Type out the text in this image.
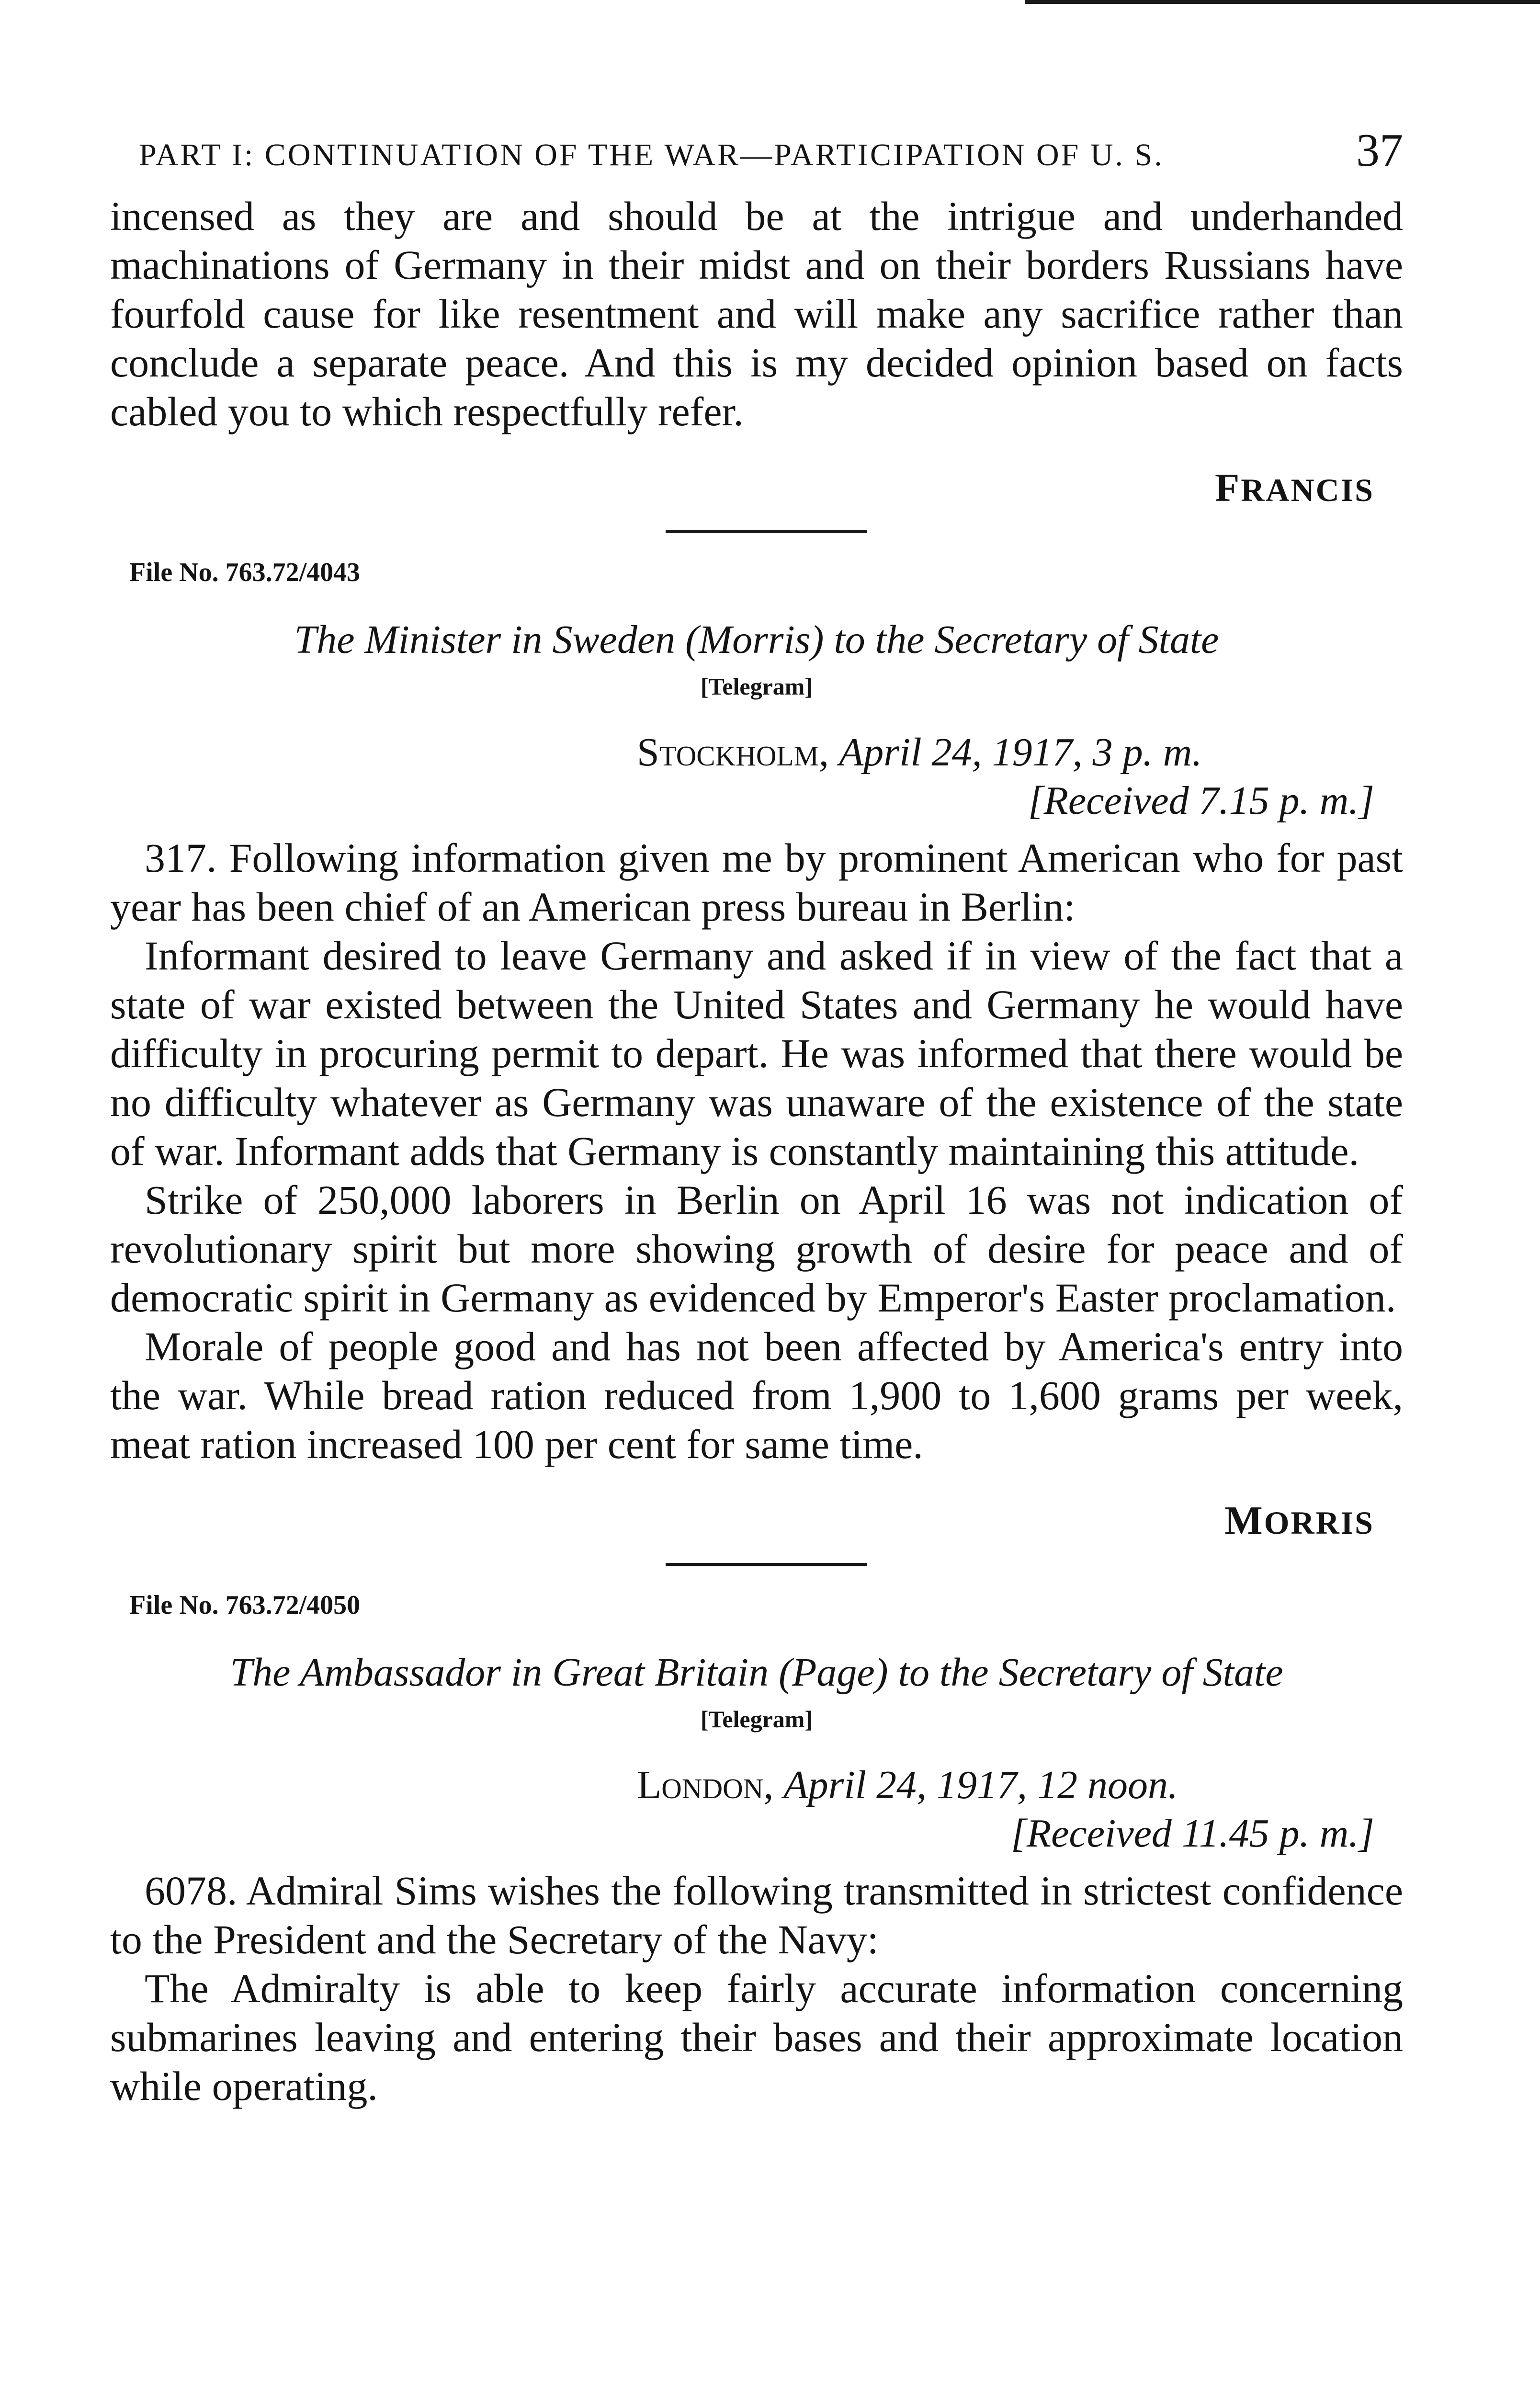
PART I: CONTINUATION OF THE WAR—PARTICIPATION OF U. S.	37

incensed as they are and should be at the intrigue and underhanded machinations of Germany in their midst and on their borders Russians have fourfold cause for like resentment and will make any sacrifice rather than conclude a separate peace. And this is my decided opinion based on facts cabled you to which respectfully refer.

FRANCIS
File No. 763.72/4043
The Minister in Sweden (Morris) to the Secretary of State
[Telegram]
Stockholm, April 24, 1917, 3 p. m.
[Received 7.15 p. m.]

317. Following information given me by prominent American who for past year has been chief of an American press bureau in Berlin:

Informant desired to leave Germany and asked if in view of the fact that a state of war existed between the United States and Germany he would have difficulty in procuring permit to depart. He was informed that there would be no difficulty whatever as Germany was unaware of the existence of the state of war. Informant adds that Germany is constantly maintaining this attitude.

Strike of 250,000 laborers in Berlin on April 16 was not indication of revolutionary spirit but more showing growth of desire for peace and of democratic spirit in Germany as evidenced by Emperor's Easter proclamation.

Morale of people good and has not been affected by America's entry into the war. While bread ration reduced from 1,900 to 1,600 grams per week, meat ration increased 100 per cent for same time.

MORRIS
File No. 763.72/4050
The Ambassador in Great Britain (Page) to the Secretary of State
[Telegram]
London, April 24, 1917, 12 noon.
[Received 11.45 p. m.]

6078. Admiral Sims wishes the following transmitted in strictest confidence to the President and the Secretary of the Navy:

The Admiralty is able to keep fairly accurate information concerning submarines leaving and entering their bases and their approximate location while operating.
